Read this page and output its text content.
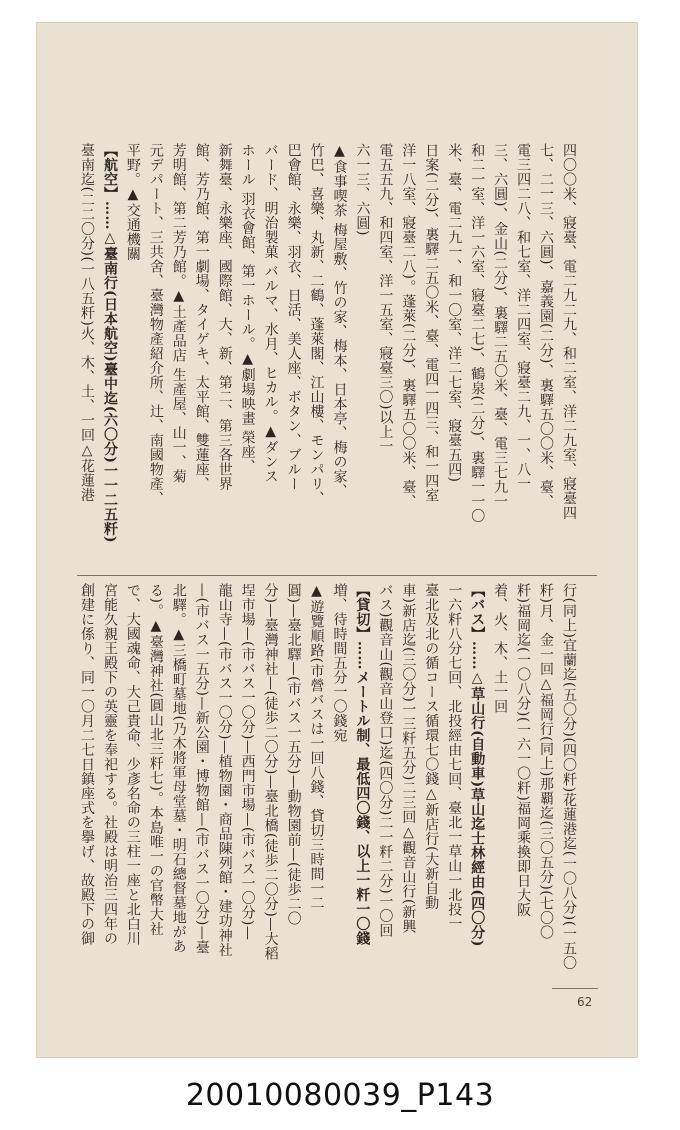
四〇〇米、寢臺、電二九二九、和二室、洋二九室、寢臺四
七、二一三、六圓)、嘉義園(二分)、裏驛五〇〇米、臺、
電三四二八、和七室、洋二四室、寢臺二九、一、八一
三、六圓)、金山(二分)、裏驛二五〇米、臺、電三七九一
和二一室、洋一六室、寢臺二七)、鶴泉(二分)、裏驛一一〇
米、臺、電二九一、和一〇室、洋二七室、寢臺五四)
日案(二分)、裏驛二五〇米、臺、電四一四三、和一四室
洋一八室、寢臺二八)。蓬萊(二分)、裏驛五〇〇米、臺、
電五五九、和四室、洋一五室、寢臺三〇)以上一
六一三、六圓)
▲食事喫茶 梅屋敷、竹の家、梅本、日本亭、梅の家、
竹巴、喜樂、丸新、二鶴、蓬萊閣、江山樓、モンパリ、
巴會館、永樂、羽衣、日活、美人座、ボタン、ブルー
バード、明治製菓 バルマ、水月、ヒカル。▲ダンス
ホール 羽衣會館、第一ホール。▲劇場映畫 榮座、
新舞臺、永樂座、國際館、大、新、第二、第三各世界
館、芳乃館、第一劇場、タイゲキ、太平館、雙蓮座、
芳明館、第二芳乃館。▲土產品店 生產屋、山一、菊
元デパート、三共舍、臺灣物產紹介所、辻、南國物產、
平野。▲交通機關
【航空】……△臺南行(日本航空)臺中迄(六〇分)一一二五粁)
臺南迄(二二〇分)(一八五粁)火、木、土、一回△花蓮港
行(同上)宜蘭迄(五〇分)(四〇粁)花蓮港迄(一〇八分)(一五〇
粁)月、金一回△福岡行(同上)那覇迄(三〇五分)(七〇〇
粁)福岡迄(一〇八分)(一六一〇粁)福岡乘換即日大阪
着、火、木、土一回
【バス】……△草山行(自動車)草山迄士林經由(四〇分)
一六粁八分七回、北投經由七回、臺北一草山一北投一
臺北及北の循コース循環七〇錢△新店行(大新自動
車)新店迄(三〇分)一三粁五分)二三回△觀音山行(新興
バス)觀音山(觀音山登口)迄(四〇分)二一粁二分)一〇回
【貸切】……メートル制、最低四〇錢、以上一粁一〇錢
増、待時間五分一〇錢宛
▲遊覽順路(市營バスは一回八錢、貸切三時間一二
圓)—臺北驛—(市バス一五分)—動物園前—(徒歩二〇
分)—臺灣神社—(徒歩二〇分)—臺北橋(徒歩二〇分)—大稻
埕市場—(市バス一〇分)—西門市場—(市バス一〇分)—
龍山寺—(市バス一〇分)—植物園・商品陳列館・建功神社
—(市バス一五分)—新公園・博物館—(市バス一〇分)—臺
北驛。▲三橋町墓地(乃木將軍母堂墓・明石總督墓地があ
る)。▲臺灣神社(圓山北三粁七)。本島唯一の官幣大社
で、大國魂命、大己貴命、少彥名命の三柱一座と北白川
宮能久親王殿下の英靈を奉祀する。社殿は明治三四年の
創建に係り、同一〇月二七日鎮座式を擧げ、故殿下の御
62
20010080039_P143
